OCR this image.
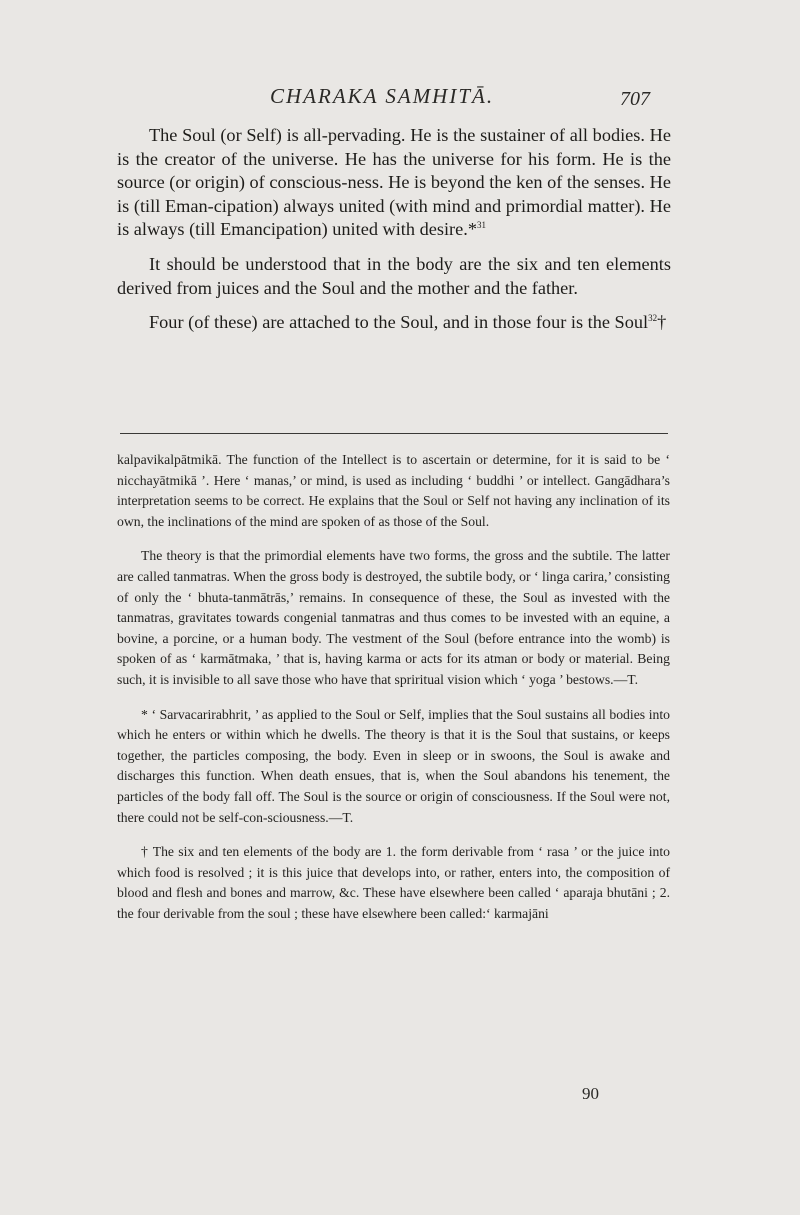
CHARAKA SAMHITĀ.	707

The Soul (or Self) is all-pervading. He is the sustainer of all bodies. He is the creator of the universe. He has the universe for his form. He is the source (or origin) of conscious-ness. He is beyond the ken of the senses. He is (till Eman-cipation) always united (with mind and primordial matter). He is always (till Emancipation) united with desire.*$^{31}$

It should be understood that in the body are the six and ten elements derived from juices and the Soul and the mother and the father.

Four (of these) are attached to the Soul, and in those four is the Soul$^{32}$†

kalpavikalpātmikā. The function of the Intellect is to ascertain or determine, for it is said to be ‘ nicchayātmikā ’. Here ‘ manas,’ or mind, is used as including ‘ buddhi ’ or intellect. Gangādhara’s interpretation seems to be correct. He explains that the Soul or Self not having any inclination of its own, the inclinations of the mind are spoken of as those of the Soul.

The theory is that the primordial elements have two forms, the gross and the subtile. The latter are called tanmatras. When the gross body is destroyed, the subtile body, or ‘ linga carira,’ consisting of only the ‘ bhuta-tanmātrās,’ remains. In consequence of these, the Soul as invested with the tanmatras, gravitates towards congenial tanmatras and thus comes to be invested with an equine, a bovine, a porcine, or a human body. The vestment of the Soul (before entrance into the womb) is spoken of as ‘ karmātmaka, ’ that is, having karma or acts for its atman or body or material. Being such, it is invisible to all save those who have that spriritual vision which ‘ yoga ’ bestows.—T.

* ‘ Sarvacarirabhrit, ’ as applied to the Soul or Self, implies that the Soul sustains all bodies into which he enters or within which he dwells. The theory is that it is the Soul that sustains, or keeps together, the particles composing, the body. Even in sleep or in swoons, the Soul is awake and discharges this function. When death ensues, that is, when the Soul abandons his tenement, the particles of the body fall off. The Soul is the source or origin of consciousness. If the Soul were not, there could not be self-con-sciousness.—T.

† The six and ten elements of the body are 1. the form derivable from ‘ rasa ’ or the juice into which food is resolved ; it is this juice that develops into, or rather, enters into, the composition of blood and flesh and bones and marrow, &c. These have elsewhere been called ‘ aparaja bhutāni ; 2. the four derivable from the soul ; these have elsewhere been called:‘ karmajāni

90
